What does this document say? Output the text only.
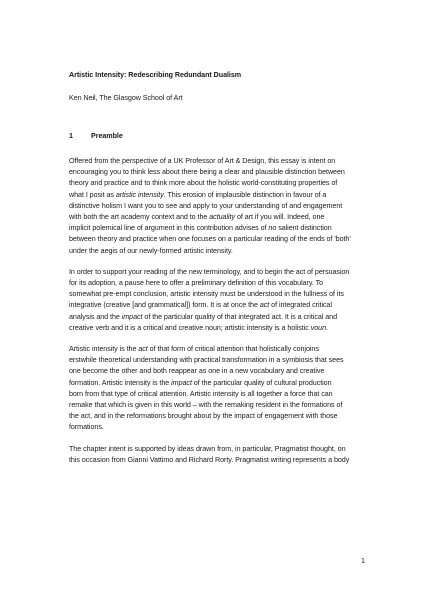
Artistic Intensity: Redescribing Redundant Dualism
Ken Neil, The Glasgow School of Art
1	Preamble

Offered from the perspective of a UK Professor of Art & Design, this essay is intent on
encouraging you to think less about there being a clear and plausible distinction between
theory and practice and to think more about the holistic world-constituting properties of
what I posit as artistic intensity. This erosion of implausible distinction in favour of a
distinctive holism I want you to see and apply to your understanding of and engagement
with both the art academy context and to the actuality of art if you will. Indeed, one
implicit polemical line of argument in this contribution advises of no salient distinction
between theory and practice when one focuses on a particular reading of the ends of 'both'
under the aegis of our newly-formed artistic intensity.

In order to support your reading of the new terminology, and to begin the act of persuasion
for its adoption, a pause here to offer a preliminary definition of this vocabulary. To
somewhat pre-empt conclusion, artistic intensity must be understood in the fullness of its
integrative (creative [and grammatical]) form. It is at once the act of integrated critical
analysis and the impact of the particular quality of that integrated act. It is a critical and
creative verb and it is a critical and creative noun; artistic intensity is a holistic voun.

Artistic intensity is the act of that form of critical attention that holistically conjoins
erstwhile theoretical understanding with practical transformation in a symbiosis that sees
one become the other and both reappear as one in a new vocabulary and creative
formation. Artistic intensity is the impact of the particular quality of cultural production
born from that type of critical attention. Artistic intensity is all together a force that can
remake that which is given in this world – with the remaking resident in the formations of
the act, and in the reformations brought about by the impact of engagement with those
formations.

The chapter intent is supported by ideas drawn from, in particular, Pragmatist thought, on
this occasion from Gianni Vattimo and Richard Rorty. Pragmatist writing represents a body

1
